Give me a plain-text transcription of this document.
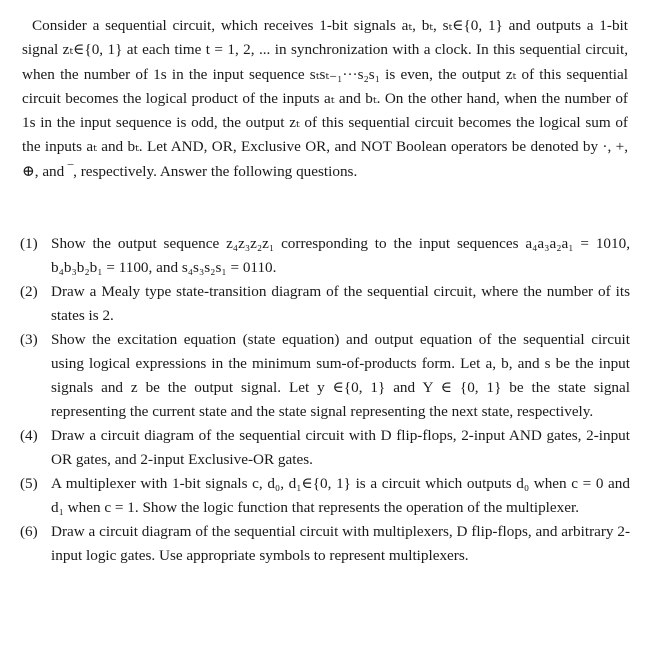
Consider a sequential circuit, which receives 1-bit signals aₜ, bₜ, sₜ∈{0, 1} and outputs a 1-bit signal zₜ∈{0, 1} at each time t = 1, 2, ... in synchronization with a clock. In this sequential circuit, when the number of 1s in the input sequence sₜsₜ₋₁···s₂s₁ is even, the output zₜ of this sequential circuit becomes the logical product of the inputs aₜ and bₜ. On the other hand, when the number of 1s in the input sequence is odd, the output zₜ of this sequential circuit becomes the logical sum of the inputs aₜ and bₜ. Let AND, OR, Exclusive OR, and NOT Boolean operators be denoted by ·, +, ⊕, and ‾, respectively. Answer the following questions.

(1) Show the output sequence z₄z₃z₂z₁ corresponding to the input sequences a₄a₃a₂a₁ = 1010, b₄b₃b₂b₁ = 1100, and s₄s₃s₂s₁ = 0110.
(2) Draw a Mealy type state-transition diagram of the sequential circuit, where the number of its states is 2.
(3) Show the excitation equation (state equation) and output equation of the sequential circuit using logical expressions in the minimum sum-of-products form. Let a, b, and s be the input signals and z be the output signal. Let y ∈{0, 1} and Y ∈ {0, 1} be the state signal representing the current state and the state signal representing the next state, respectively.
(4) Draw a circuit diagram of the sequential circuit with D flip-flops, 2-input AND gates, 2-input OR gates, and 2-input Exclusive-OR gates.
(5) A multiplexer with 1-bit signals c, d₀, d₁∈{0, 1} is a circuit which outputs d₀ when c = 0 and d₁ when c = 1. Show the logic function that represents the operation of the multiplexer.
(6) Draw a circuit diagram of the sequential circuit with multiplexers, D flip-flops, and arbitrary 2-input logic gates. Use appropriate symbols to represent multiplexers.
